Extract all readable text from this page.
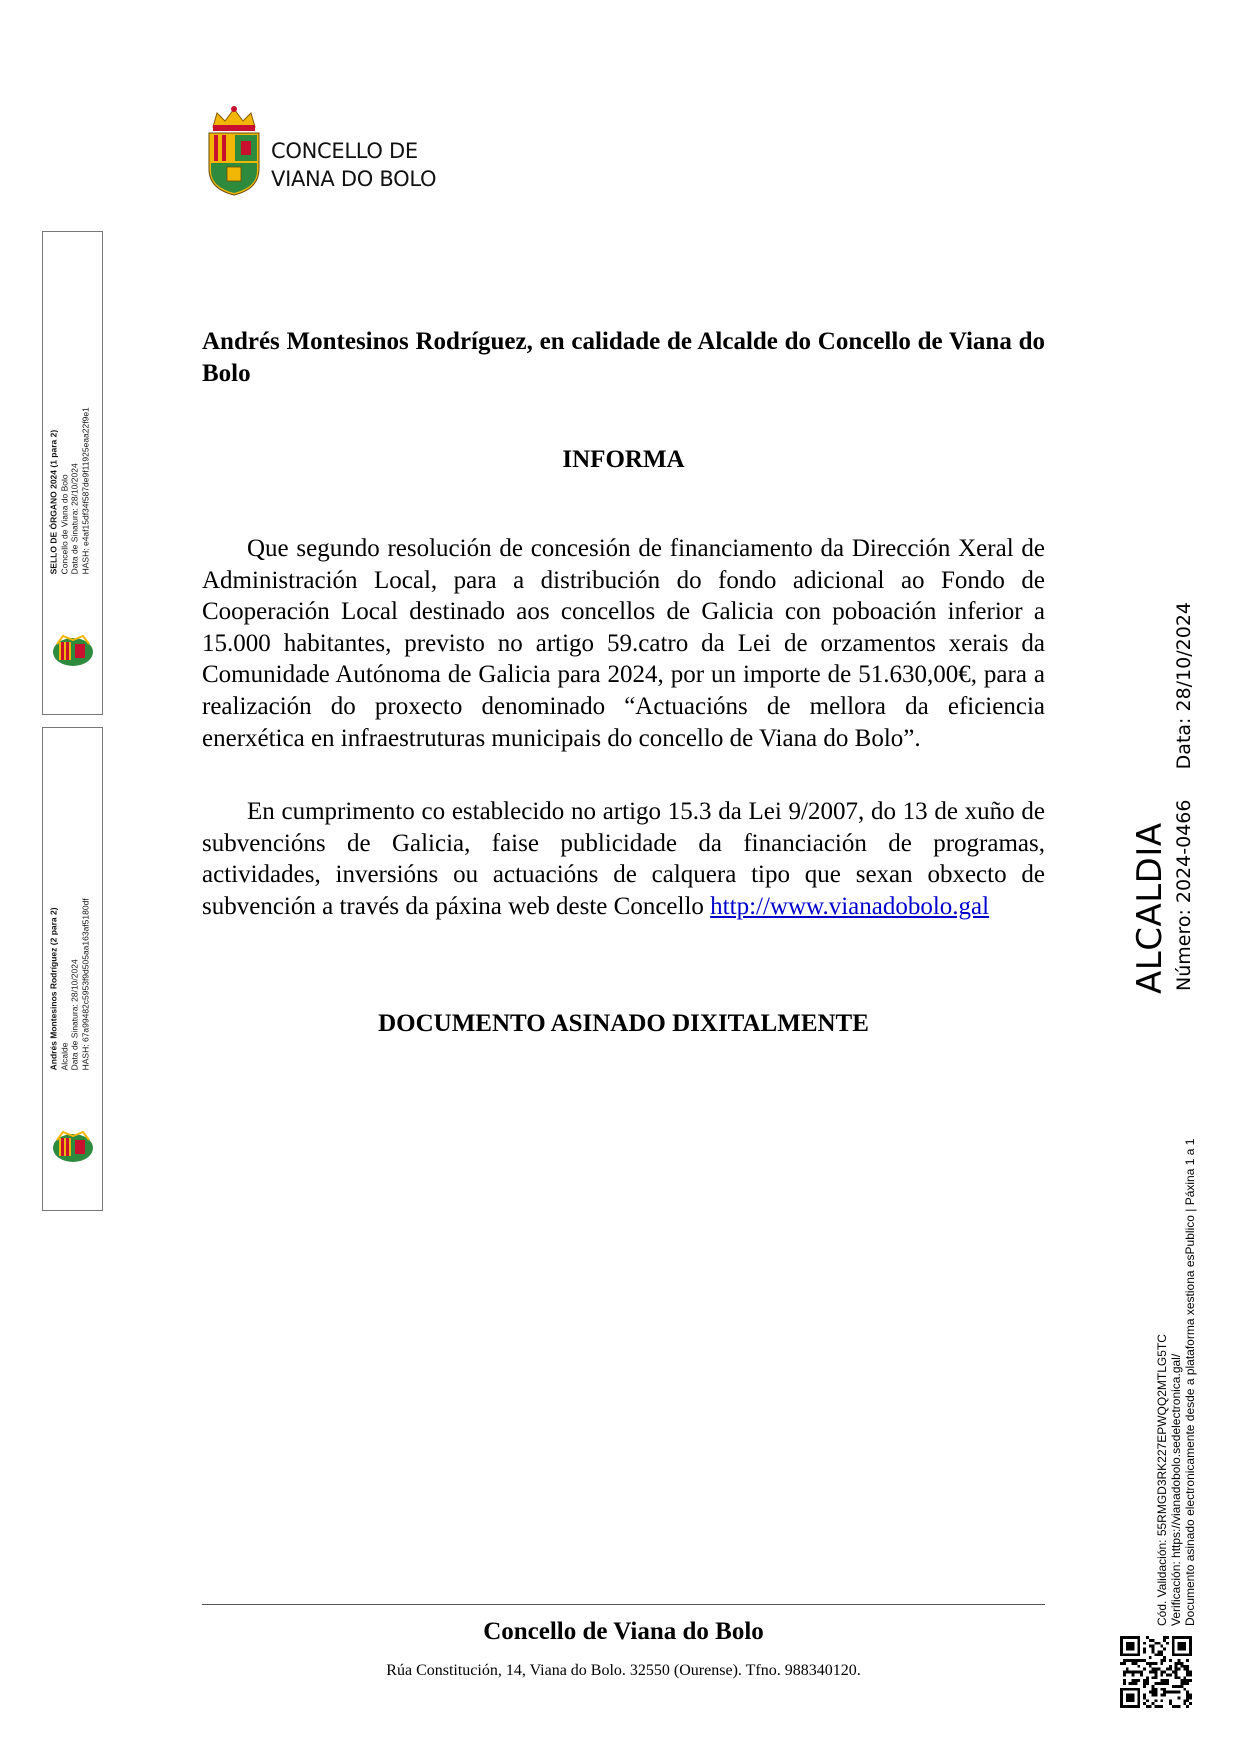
CONCELLO DE
VIANA DO BOLO
SELLO DE ÓRGANO 2024 (1 para 2) Concello de Viana do Bolo Data de Sinatura: 28/10/2024 HASH: e4af15df34f587de9f11925eaa22f9e1
Andrés Montesinos Rodríguez (2 para 2) Alcalde Data de Sinatura: 28/10/2024 HASH: 67a99482c5953f9d505aa163af5180df
Andrés Montesinos Rodríguez, en calidade de Alcalde do Concello de Viana do Bolo
INFORMA
Que segundo resolución de concesión de financiamento da Dirección Xeral de Administración Local, para a distribución do fondo adicional ao Fondo de Cooperación Local destinado aos concellos de Galicia con poboación inferior a 15.000 habitantes, previsto no artigo 59.catro da Lei de orzamentos xerais da Comunidade Autónoma de Galicia para 2024, por un importe de 51.630,00€, para a realización do proxecto denominado “Actuacións de mellora da eficiencia enerxética en infraestruturas municipais do concello de Viana do Bolo”.
En cumprimento co establecido no artigo 15.3 da Lei 9/2007, do 13 de xuño de subvencións de Galicia, faise publicidade da financiación de programas, actividades, inversións ou actuacións de calquera tipo que sexan obxecto de subvención a través da páxina web deste Concello http://www.vianadobolo.gal
DOCUMENTO ASINADO DIXITALMENTE
ALCALDIA Número: 2024-0466     Data: 28/10/2024
Cód. Validación: 55RMGD3RK227EPWQQ2MTLG5TC Verificación: https://vianadobolo.sedelectronica.gal/ Documento asinado electronicamente desde a plataforma xestiona esPublico | Páxina 1 a 1
Concello de Viana do Bolo
Rúa Constitución, 14, Viana do Bolo. 32550 (Ourense). Tfno. 988340120.
